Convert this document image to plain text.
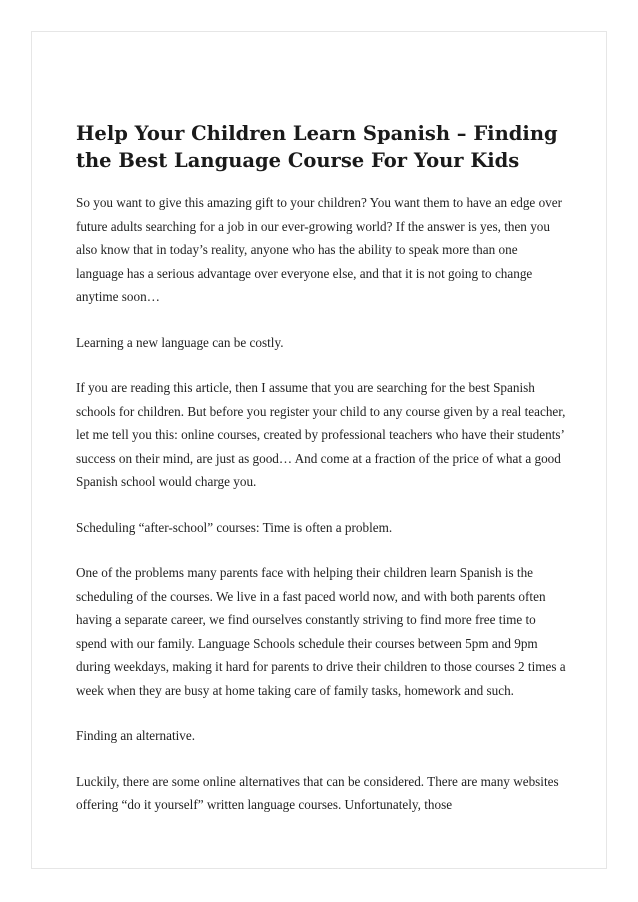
Help Your Children Learn Spanish – Finding the Best Language Course For Your Kids

So you want to give this amazing gift to your children? You want them to have an edge over future adults searching for a job in our ever-growing world? If the answer is yes, then you also know that in today’s reality, anyone who has the ability to speak more than one language has a serious advantage over everyone else, and that it is not going to change anytime soon…

Learning a new language can be costly.

If you are reading this article, then I assume that you are searching for the best Spanish schools for children. But before you register your child to any course given by a real teacher, let me tell you this: online courses, created by professional teachers who have their students’ success on their mind, are just as good… And come at a fraction of the price of what a good Spanish school would charge you.

Scheduling “after-school” courses: Time is often a problem.

One of the problems many parents face with helping their children learn Spanish is the scheduling of the courses. We live in a fast paced world now, and with both parents often having a separate career, we find ourselves constantly striving to find more free time to spend with our family. Language Schools schedule their courses between 5pm and 9pm during weekdays, making it hard for parents to drive their children to those courses 2 times a week when they are busy at home taking care of family tasks, homework and such.

Finding an alternative.

Luckily, there are some online alternatives that can be considered. There are many websites offering “do it yourself” written language courses. Unfortunately, those
